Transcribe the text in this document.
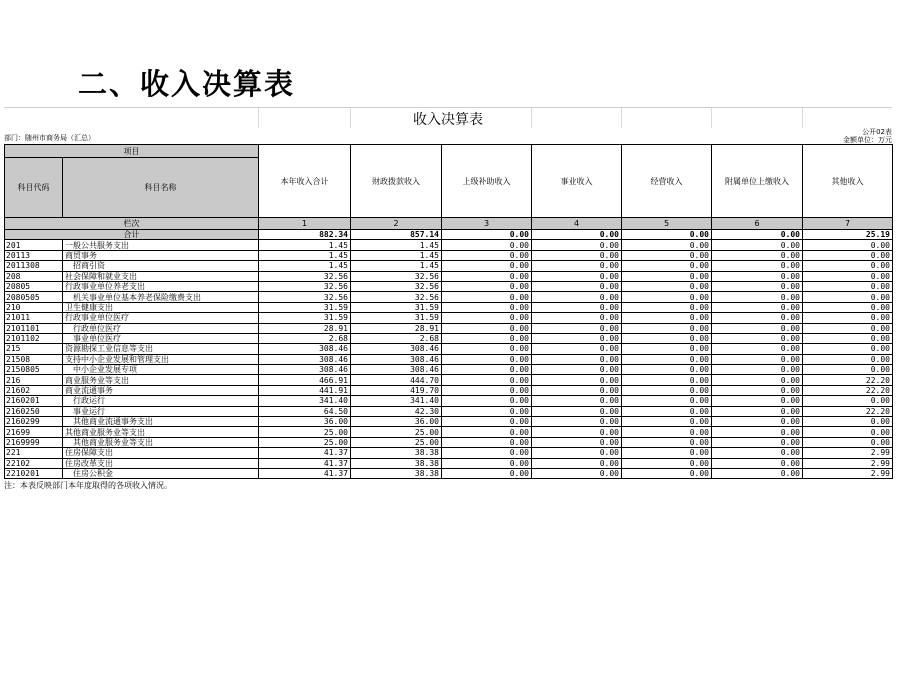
二、收入决算表
收入决算表
部门：随州市商务局（汇总）
公开02表
金额单位：万元
项目		本年收入合计	财政拨款收入	上级补助收入	事业收入	经营收入	附属单位上缴收入	其他收入
科目代码	科目名称							
栏次		1	2	3	4	5	6	7
合计		882.34	857.14	0.00	0.00	0.00	0.00	25.19
201	一般公共服务支出	1.45	1.45	0.00	0.00	0.00	0.00	0.00
20113	商贸事务	1.45	1.45	0.00	0.00	0.00	0.00	0.00
2011308	招商引资	1.45	1.45	0.00	0.00	0.00	0.00	0.00
208	社会保障和就业支出	32.56	32.56	0.00	0.00	0.00	0.00	0.00
20805	行政事业单位养老支出	32.56	32.56	0.00	0.00	0.00	0.00	0.00
2080505	机关事业单位基本养老保险缴费支出	32.56	32.56	0.00	0.00	0.00	0.00	0.00
210	卫生健康支出	31.59	31.59	0.00	0.00	0.00	0.00	0.00
21011	行政事业单位医疗	31.59	31.59	0.00	0.00	0.00	0.00	0.00
2101101	行政单位医疗	28.91	28.91	0.00	0.00	0.00	0.00	0.00
2101102	事业单位医疗	2.68	2.68	0.00	0.00	0.00	0.00	0.00
215	资源勘探工业信息等支出	308.46	308.46	0.00	0.00	0.00	0.00	0.00
21508	支持中小企业发展和管理支出	308.46	308.46	0.00	0.00	0.00	0.00	0.00
2150805	中小企业发展专项	308.46	308.46	0.00	0.00	0.00	0.00	0.00
216	商业服务业等支出	466.91	444.70	0.00	0.00	0.00	0.00	22.20
21602	商业流通事务	441.91	419.70	0.00	0.00	0.00	0.00	22.20
2160201	行政运行	341.40	341.40	0.00	0.00	0.00	0.00	0.00
2160250	事业运行	64.50	42.30	0.00	0.00	0.00	0.00	22.20
2160299	其他商业流通事务支出	36.00	36.00	0.00	0.00	0.00	0.00	0.00
21699	其他商业服务业等支出	25.00	25.00	0.00	0.00	0.00	0.00	0.00
2169999	其他商业服务业等支出	25.00	25.00	0.00	0.00	0.00	0.00	0.00
221	住房保障支出	41.37	38.38	0.00	0.00	0.00	0.00	2.99
22102	住房改革支出	41.37	38.38	0.00	0.00	0.00	0.00	2.99
2210201	住房公积金	41.37	38.38	0.00	0.00	0.00	0.00	2.99
注：本表反映部门本年度取得的各项收入情况。
